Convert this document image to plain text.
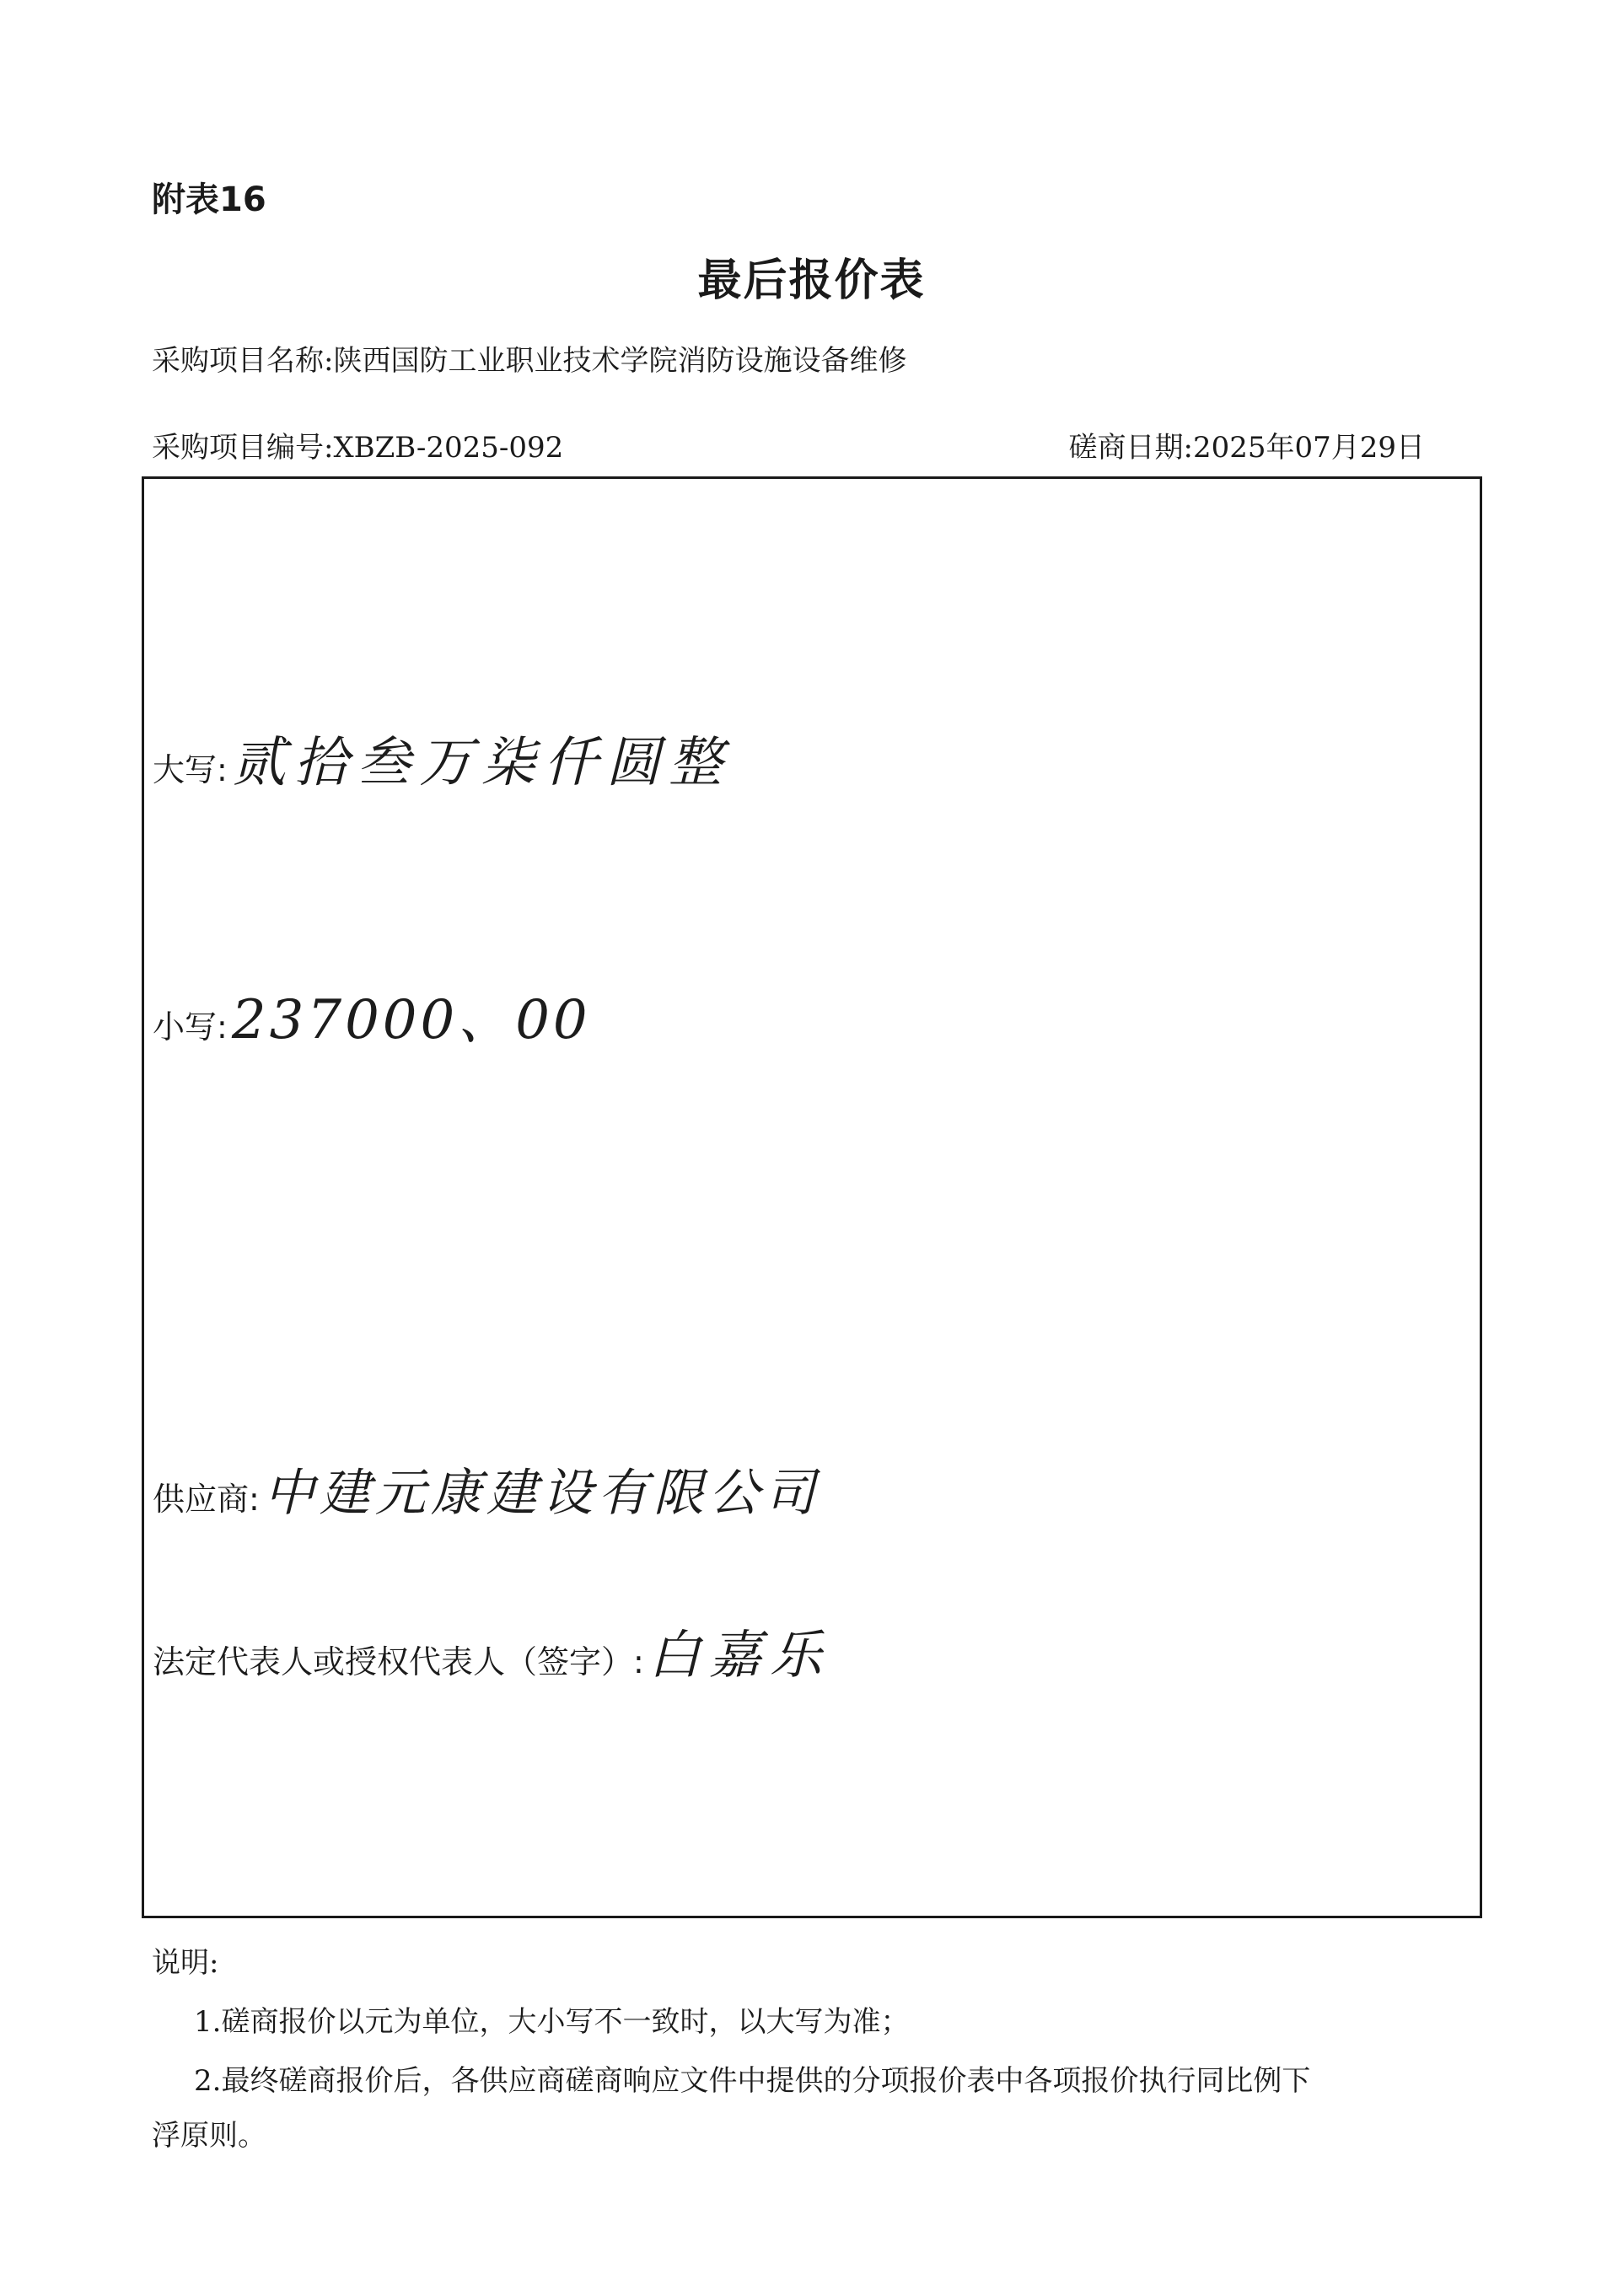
附表16
最后报价表
采购项目名称:陕西国防工业职业技术学院消防设施设备维修
采购项目编号:XBZB-2025-092	磋商日期:2025年07月29日
大写: 贰拾叁万柒仟圆整
小写: 237000、00
供应商: 中建元康建设有限公司
法定代表人或授权代表人（签字）: 白嘉乐
说明:
1.磋商报价以元为单位，大小写不一致时，以大写为准；
2.最终磋商报价后，各供应商磋商响应文件中提供的分项报价表中各项报价执行同比例下
浮原则。
